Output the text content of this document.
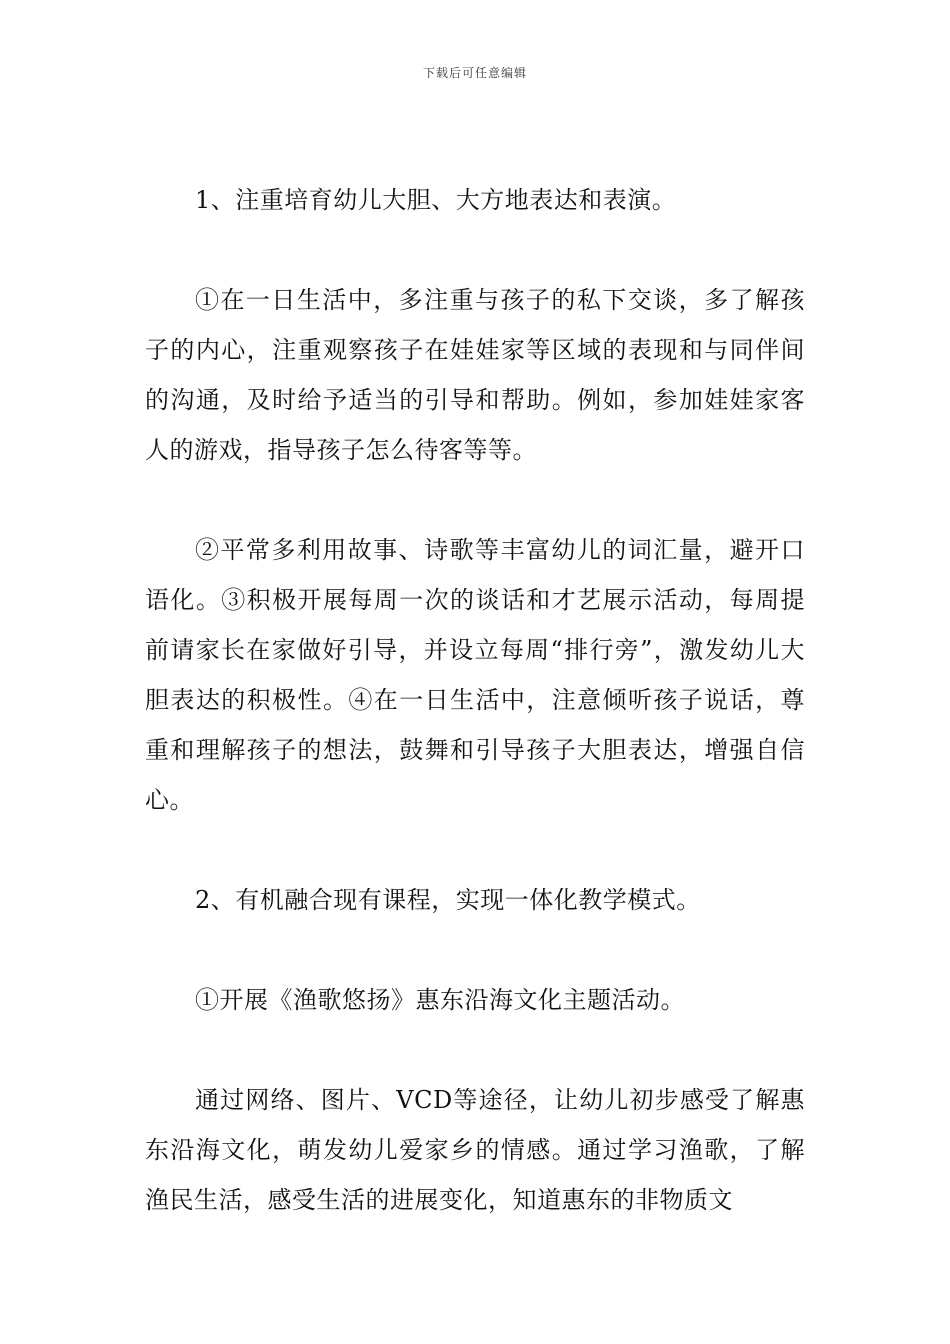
下载后可任意编辑

1、注重培育幼儿大胆、大方地表达和表演。

①在一日生活中，多注重与孩子的私下交谈，多了解孩子的内心，注重观察孩子在娃娃家等区域的表现和与同伴间的沟通，及时给予适当的引导和帮助。例如，参加娃娃家客人的游戏，指导孩子怎么待客等等。

②平常多利用故事、诗歌等丰富幼儿的词汇量，避开口语化。③积极开展每周一次的谈话和才艺展示活动，每周提前请家长在家做好引导，并设立每周“排行旁”，激发幼儿大胆表达的积极性。④在一日生活中，注意倾听孩子说话，尊重和理解孩子的想法，鼓舞和引导孩子大胆表达，增强自信心。

2、有机融合现有课程，实现一体化教学模式。

①开展《渔歌悠扬》惠东沿海文化主题活动。

通过网络、图片、VCD等途径，让幼儿初步感受了解惠东沿海文化，萌发幼儿爱家乡的情感。通过学习渔歌，了解渔民生活，感受生活的进展变化，知道惠东的非物质文
